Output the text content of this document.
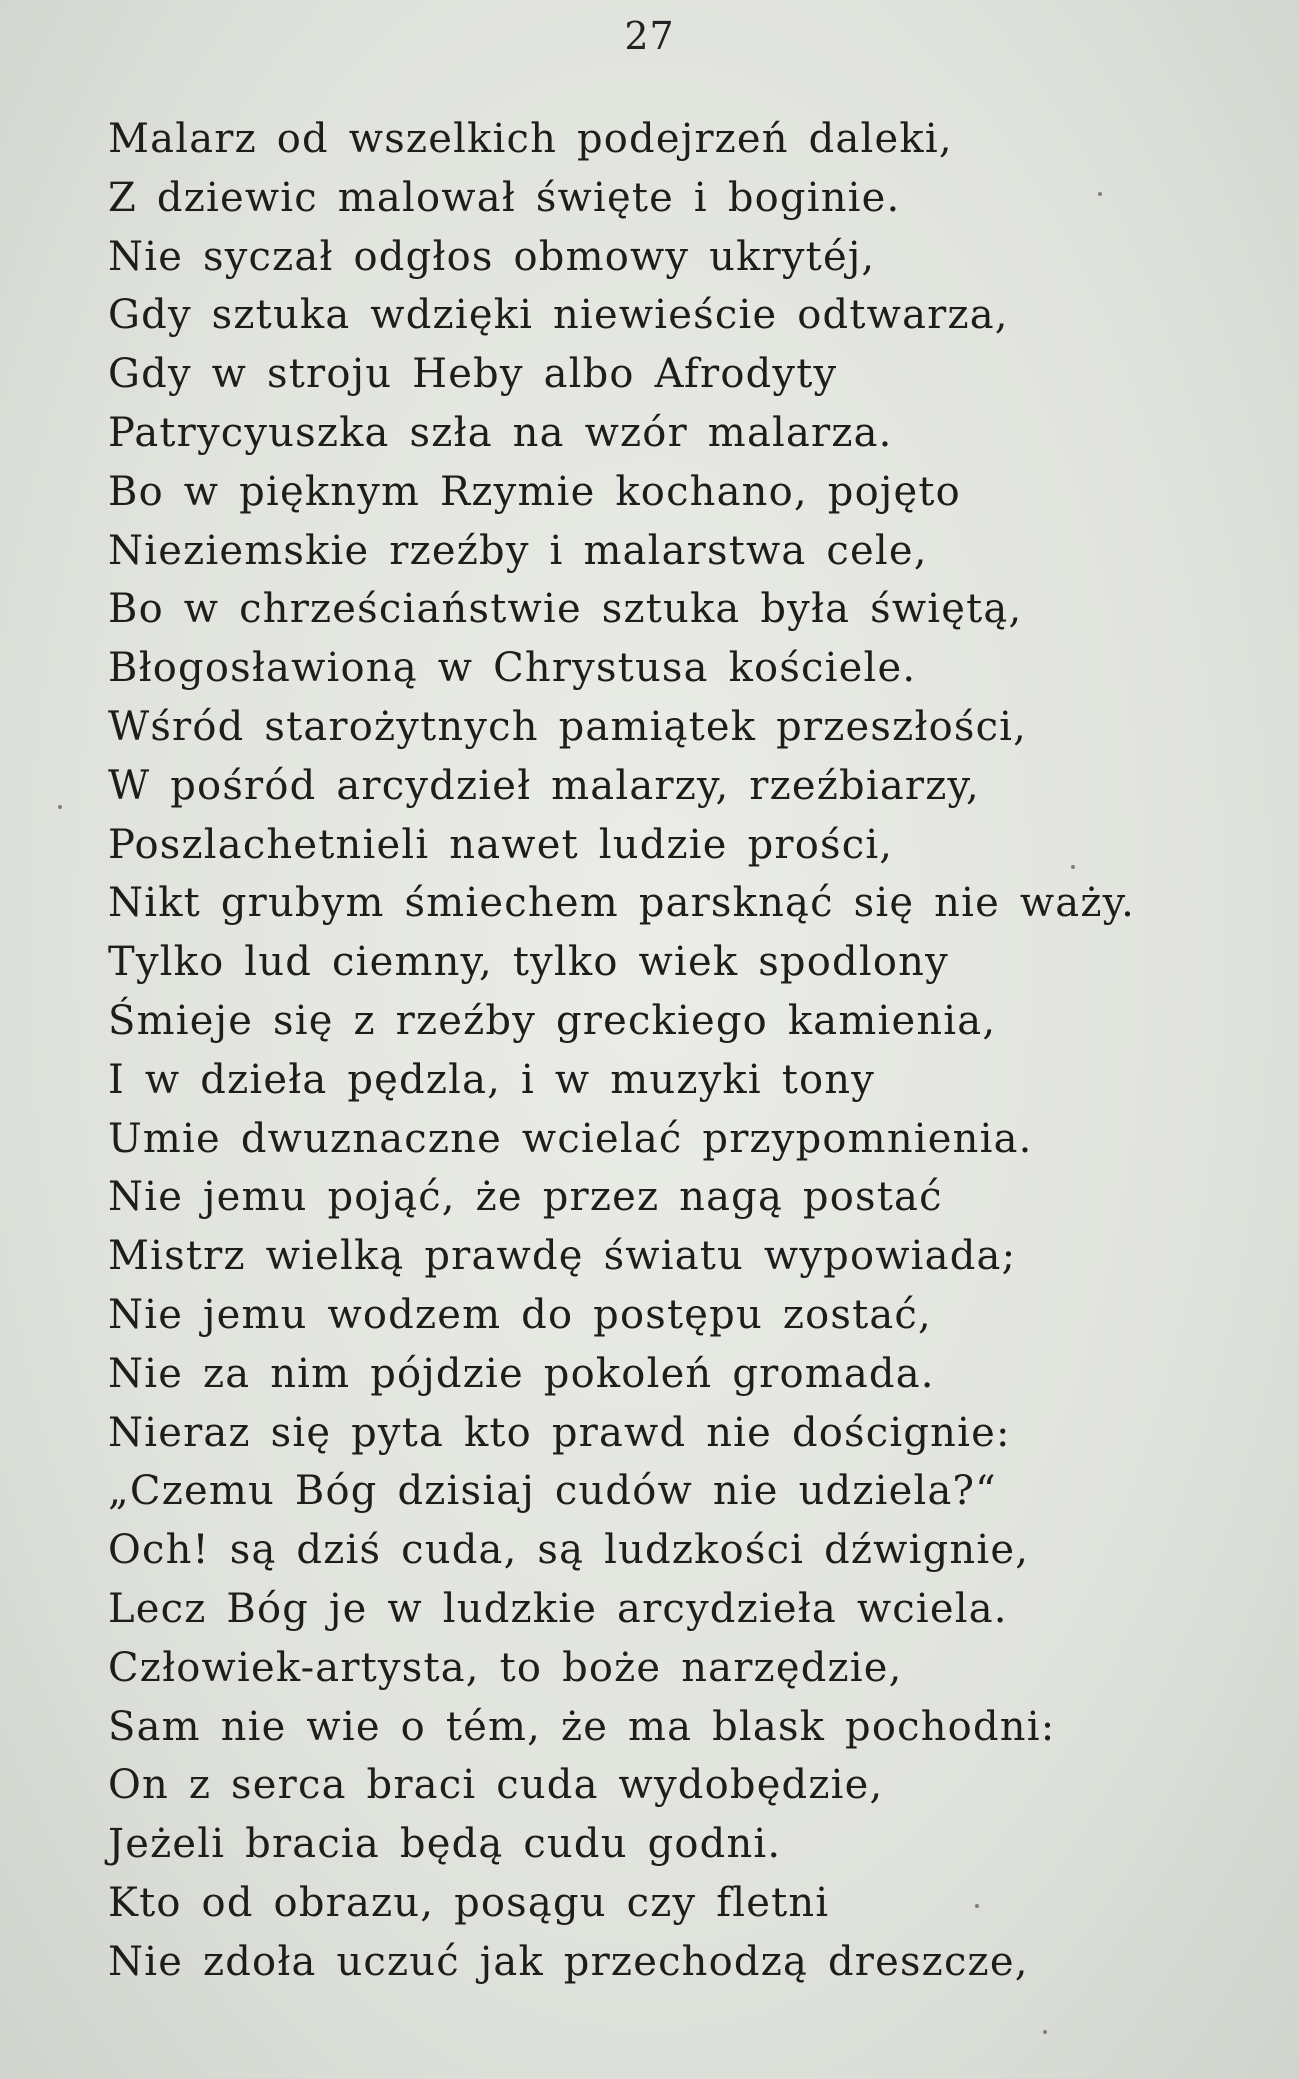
27
Malarz od wszelkich podejrzeń daleki,
Z dziewic malował święte i boginie.
Nie syczał odgłos obmowy ukrytéj,
Gdy sztuka wdzięki niewieście odtwarza,
Gdy w stroju Heby albo Afrodyty
Patrycyuszka szła na wzór malarza.
Bo w pięknym Rzymie kochano, pojęto
Nieziemskie rzeźby i malarstwa cele,
Bo w chrześciaństwie sztuka była świętą,
Błogosławioną w Chrystusa kościele.
Wśród starożytnych pamiątek przeszłości,
W pośród arcydzieł malarzy, rzeźbiarzy,
Poszlachetnieli nawet ludzie prości,
Nikt grubym śmiechem parsknąć się nie waży.
Tylko lud ciemny, tylko wiek spodlony
Śmieje się z rzeźby greckiego kamienia,
I w dzieła pędzla, i w muzyki tony
Umie dwuznaczne wcielać przypomnienia.
Nie jemu pojąć, że przez nagą postać
Mistrz wielką prawdę światu wypowiada;
Nie jemu wodzem do postępu zostać,
Nie za nim pójdzie pokoleń gromada.
Nieraz się pyta kto prawd nie doścignie:
„Czemu Bóg dzisiaj cudów nie udziela?“
Och! są dziś cuda, są ludzkości dźwignie,
Lecz Bóg je w ludzkie arcydzieła wciela.
Człowiek-artysta, to boże narzędzie,
Sam nie wie o tém, że ma blask pochodni:
On z serca braci cuda wydobędzie,
Jeżeli bracia będą cudu godni.
Kto od obrazu, posągu czy fletni
Nie zdoła uczuć jak przechodzą dreszcze,
